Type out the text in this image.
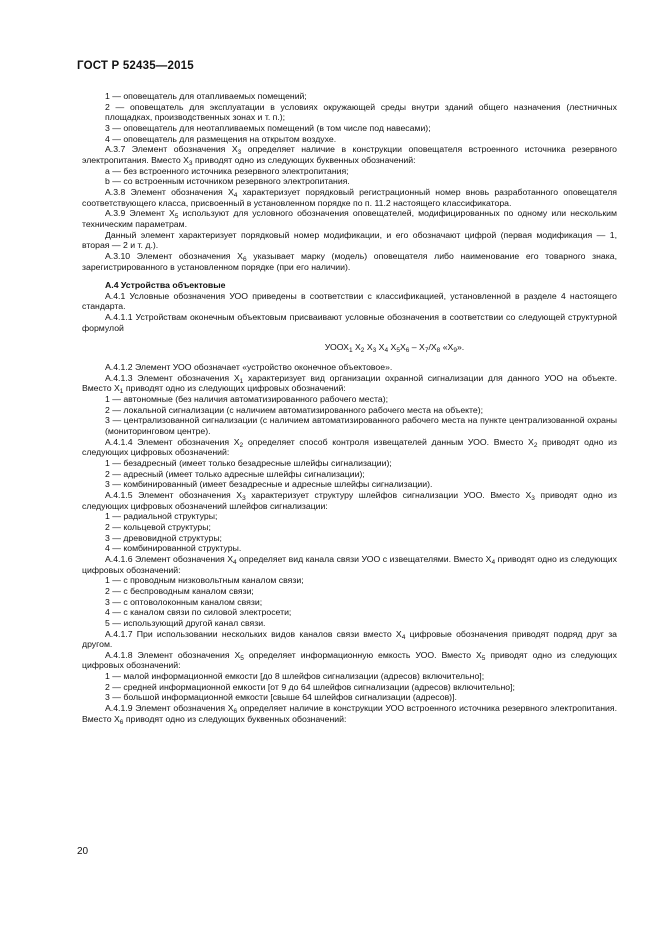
ГОСТ Р 52435—2015
1 — оповещатель для отапливаемых помещений;
2 — оповещатель для эксплуатации в условиях окружающей среды внутри зданий общего назначения (лестничных площадках, производственных зонах и т. п.);
3 — оповещатель для неотапливаемых помещений (в том числе под навесами);
4 — оповещатель для размещения на открытом воздухе.
А.3.7 Элемент обозначения $Х_3$ определяет наличие в конструкции оповещателя встроенного источника резервного электропитания. Вместо $Х_3$ приводят одно из следующих буквенных обозначений:
а — без встроенного источника резервного электропитания;
b — со встроенным источником резервного электропитания.
А.3.8 Элемент обозначения $Х_4$ характеризует порядковый регистрационный номер вновь разработанного оповещателя соответствующего класса, присвоенный в установленном порядке по п. 11.2 настоящего классификатора.
А.3.9 Элемент $Х_5$ используют для условного обозначения оповещателей, модифицированных по одному или нескольким техническим параметрам.
Данный элемент характеризует порядковый номер модификации, и его обозначают цифрой (первая модификация — 1, вторая — 2 и т. д.).
А.3.10 Элемент обозначения $Х_6$ указывает марку (модель) оповещателя либо наименование его товарного знака, зарегистрированного в установленном порядке (при его наличии).
А.4 Устройства объектовые
А.4.1 Условные обозначения УОО приведены в соответствии с классификацией, установленной в разделе 4 настоящего стандарта.
А.4.1.1 Устройствам оконечным объектовым присваивают условные обозначения в соответствии со следующей структурной формулой
$УООХ_1$ $Х_2$ $Х_3$ $Х_4$ $Х_5Х_6 - Х_7/Х_8$ «$Х_9$».
А.4.1.2 Элемент УОО обозначает «устройство оконечное объектовое».
А.4.1.3 Элемент обозначения $Х_1$ характеризует вид организации охранной сигнализации для данного УОО на объекте. Вместо $Х_1$ приводят одно из следующих цифровых обозначений:
1 — автономные (без наличия автоматизированного рабочего места);
2 — локальной сигнализации (с наличием автоматизированного рабочего места на объекте);
3 — централизованной сигнализации (с наличием автоматизированного рабочего места на пункте централизованной охраны (мониторинговом центре).
А.4.1.4 Элемент обозначения $Х_2$ определяет способ контроля извещателей данным УОО. Вместо $Х_2$ приводят одно из следующих цифровых обозначений:
1 — безадресный (имеет только безадресные шлейфы сигнализации);
2 — адресный (имеет только адресные шлейфы сигнализации);
3 — комбинированный (имеет безадресные и адресные шлейфы сигнализации).
А.4.1.5 Элемент обозначения $Х_3$ характеризует структуру шлейфов сигнализации УОО. Вместо $Х_3$ приводят одно из следующих цифровых обозначений шлейфов сигнализации:
1 — радиальной структуры;
2 — кольцевой структуры;
3 — древовидной структуры;
4 — комбинированной структуры.
А.4.1.6 Элемент обозначения $Х_4$ определяет вид канала связи УОО с извещателями. Вместо $Х_4$ приводят одно из следующих цифровых обозначений:
1 — с проводным низковольтным каналом связи;
2 — с беспроводным каналом связи;
3 — с оптоволоконным каналом связи;
4 — с каналом связи по силовой электросети;
5 — использующий другой канал связи.
А.4.1.7 При использовании нескольких видов каналов связи вместо $Х_4$ цифровые обозначения приводят подряд друг за другом.
А.4.1.8 Элемент обозначения $Х_5$ определяет информационную емкость УОО. Вместо $Х_5$ приводят одно из следующих цифровых обозначений:
1 — малой информационной емкости [до 8 шлейфов сигнализации (адресов) включительно];
2 — средней информационной емкости [от 9 до 64 шлейфов сигнализации (адресов) включительно];
3 — большой информационной емкости [свыше 64 шлейфов сигнализации (адресов)].
А.4.1.9 Элемент обозначения $Х_6$ определяет наличие в конструкции УОО встроенного источника резервного электропитания. Вместо $Х_6$ приводят одно из следующих буквенных обозначений:
20
